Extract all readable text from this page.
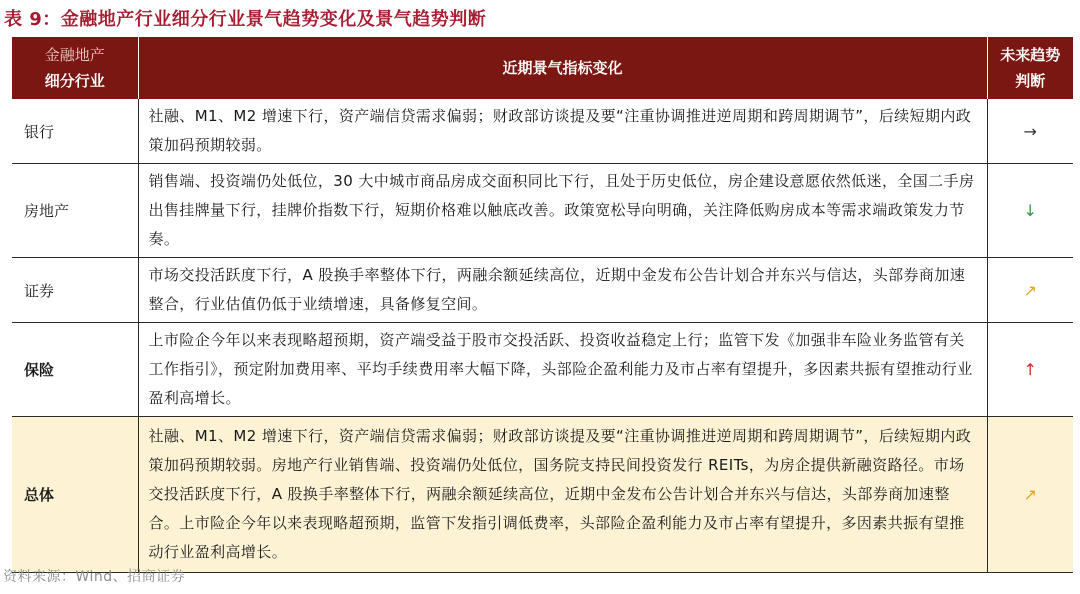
表 9：金融地产行业细分行业景气趋势变化及景气趋势判断
金融地产
细分行业	近期景气指标变化	未来趋势
判断

银行	社融、M1、M2 增速下行，资产端信贷需求偏弱；财政部访谈提及要“注重协调推进逆周期和跨周期调节”，后续短期内政策加码预期较弱。	→
房地产	销售端、投资端仍处低位，30 大中城市商品房成交面积同比下行，且处于历史低位，房企建设意愿依然低迷，全国二手房出售挂牌量下行，挂牌价指数下行，短期价格难以触底改善。政策宽松导向明确，关注降低购房成本等需求端政策发力节奏。	↓
证券	市场交投活跃度下行，A 股换手率整体下行，两融余额延续高位，近期中金发布公告计划合并东兴与信达，头部券商加速整合，行业估值仍低于业绩增速，具备修复空间。	↗
保险	上市险企今年以来表现略超预期，资产端受益于股市交投活跃、投资收益稳定上行；监管下发《加强非车险业务监管有关工作指引》，预定附加费用率、平均手续费用率大幅下降，头部险企盈利能力及市占率有望提升，多因素共振有望推动行业盈利高增长。	↑
总体	社融、M1、M2 增速下行，资产端信贷需求偏弱；财政部访谈提及要“注重协调推进逆周期和跨周期调节”，后续短期内政策加码预期较弱。房地产行业销售端、投资端仍处低位，国务院支持民间投资发行 REITs，为房企提供新融资路径。市场交投活跃度下行，A 股换手率整体下行，两融余额延续高位，近期中金发布公告计划合并东兴与信达，头部券商加速整合。上市险企今年以来表现略超预期，监管下发指引调低费率，头部险企盈利能力及市占率有望提升，多因素共振有望推动行业盈利高增长。	↗
资料来源：Wind、招商证券
